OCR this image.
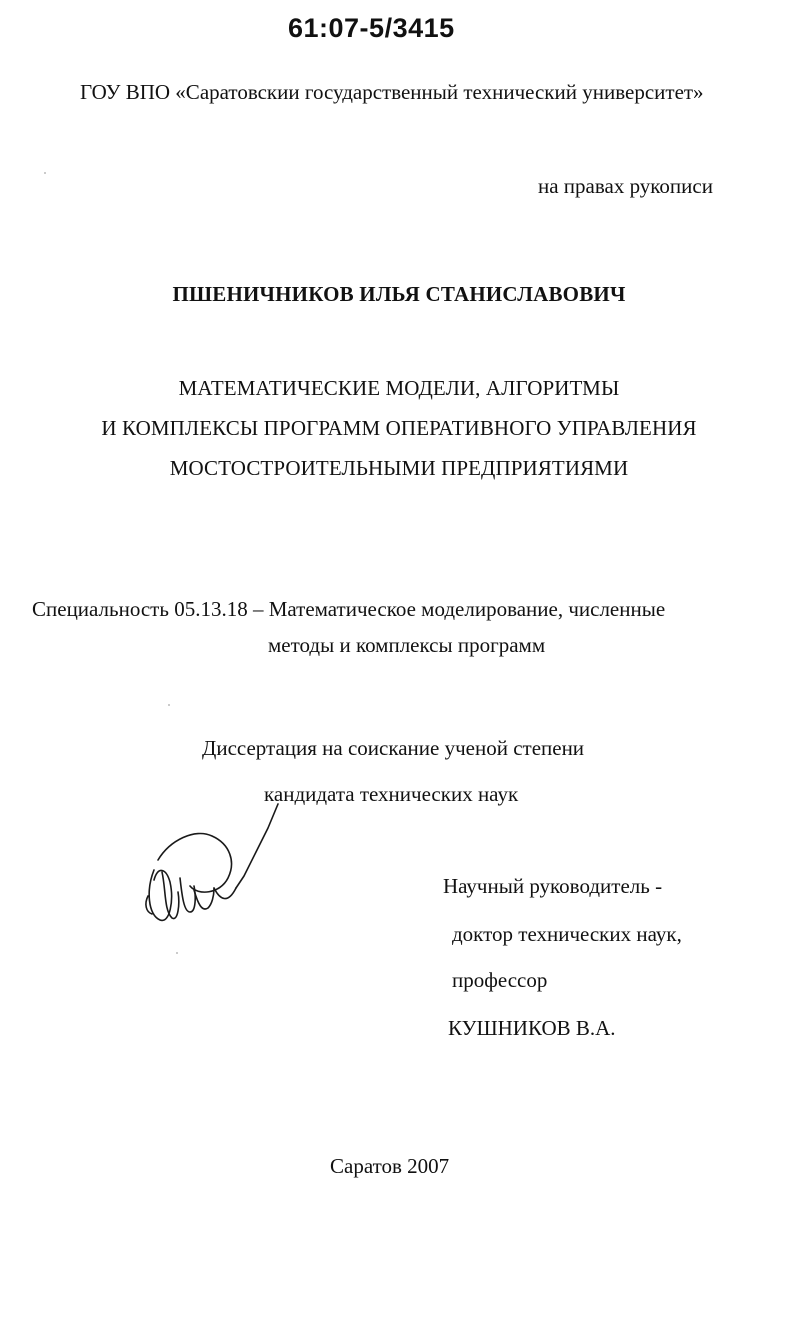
61:07-5/3415
ГОУ ВПО «Саратовскии государственный технический университет»
на правах рукописи
ПШЕНИЧНИКОВ ИЛЬЯ СТАНИСЛАВОВИЧ
МАТЕМАТИЧЕСКИЕ МОДЕЛИ, АЛГОРИТМЫ
И КОМПЛЕКСЫ ПРОГРАММ ОПЕРАТИВНОГО УПРАВЛЕНИЯ
МОСТОСТРОИТЕЛЬНЫМИ ПРЕДПРИЯТИЯМИ
Специальность 05.13.18 – Математическое моделирование, численные
методы и комплексы программ
Диссертация на соискание ученой степени
кандидата технических наук
Научный руководитель -
доктор технических наук,
профессор
КУШНИКОВ В.А.
Саратов 2007
